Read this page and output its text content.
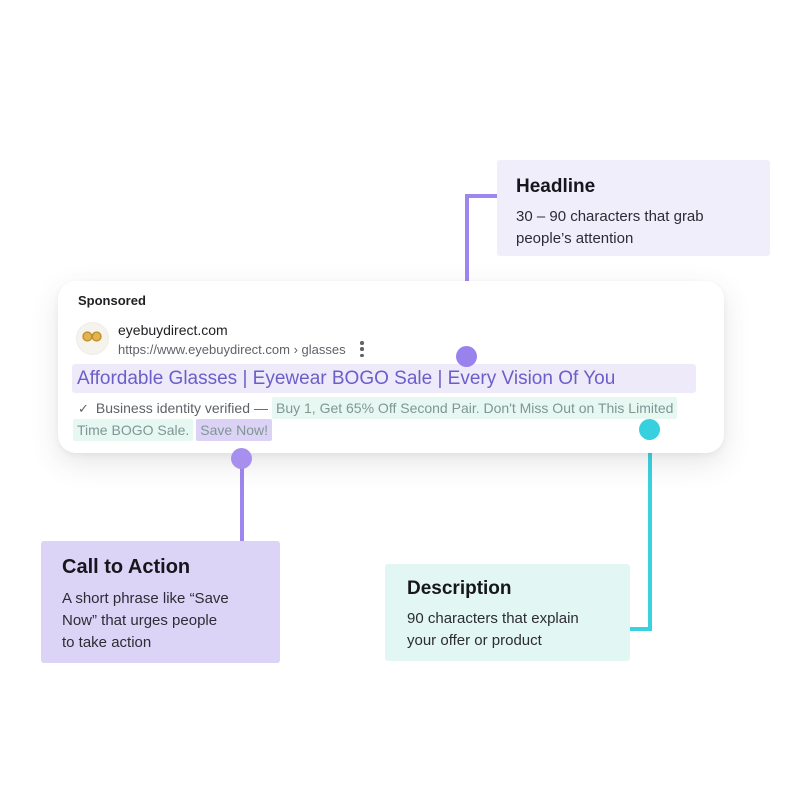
Headline
30 – 90 characters that grab
people’s attention
Sponsored
eyebuydirect.com
https://www.eyebuydirect.com › glasses
Affordable Glasses | Eyewear BOGO Sale | Every Vision Of You
✓ Business identity verified — Buy 1, Get 65% Off Second Pair. Don't Miss Out on This Limited
Time BOGO Sale. Save Now!
Call to Action
A short phrase like “Save
Now” that urges people
to take action
Description
90 characters that explain
your offer or product
